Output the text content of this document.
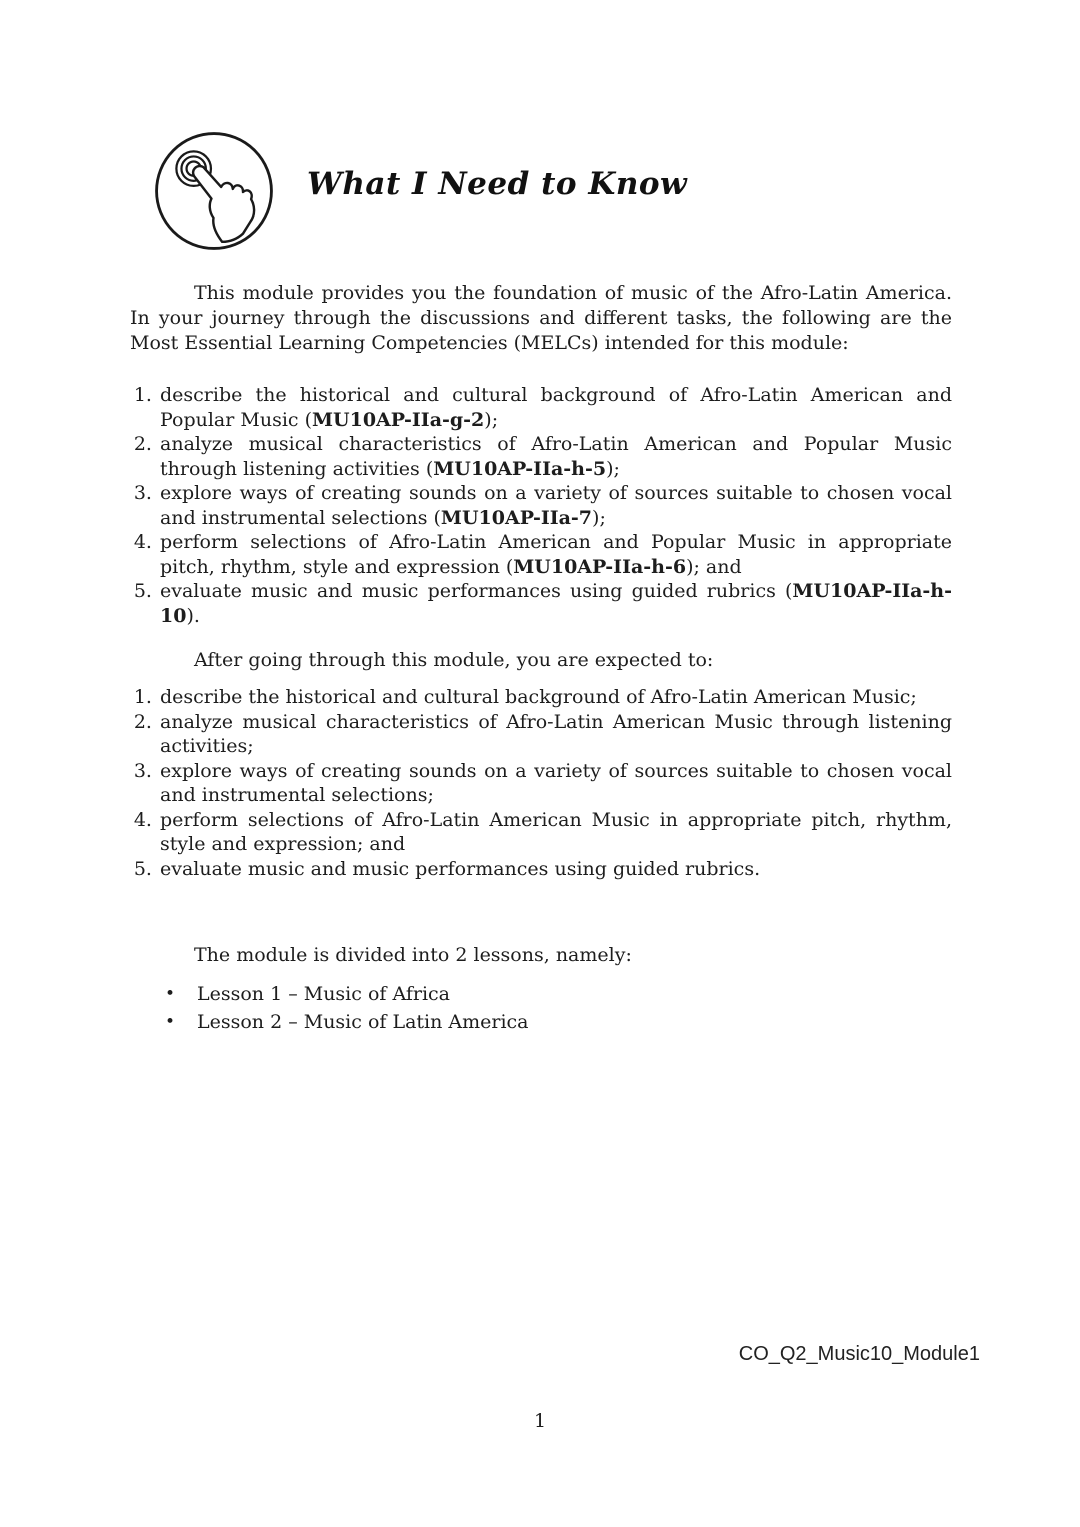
What I Need to Know

This module provides you the foundation of music of the Afro-Latin America. In your journey through the discussions and different tasks, the following are the Most Essential Learning Competencies (MELCs) intended for this module:

1. describe the historical and cultural background of Afro-Latin American and Popular Music (MU10AP-IIa-g-2);
2. analyze musical characteristics of Afro-Latin American and Popular Music through listening activities (MU10AP-IIa-h-5);
3. explore ways of creating sounds on a variety of sources suitable to chosen vocal and instrumental selections (MU10AP-IIa-7);
4. perform selections of Afro-Latin American and Popular Music in appropriate pitch, rhythm, style and expression (MU10AP-IIa-h-6); and
5. evaluate music and music performances using guided rubrics (MU10AP-IIa-h-10).

After going through this module, you are expected to:

1. describe the historical and cultural background of Afro-Latin American Music;
2. analyze musical characteristics of Afro-Latin American Music through listening activities;
3. explore ways of creating sounds on a variety of sources suitable to chosen vocal and instrumental selections;
4. perform selections of Afro-Latin American Music in appropriate pitch, rhythm, style and expression; and
5. evaluate music and music performances using guided rubrics.

The module is divided into 2 lessons, namely:

• Lesson 1 – Music of Africa
• Lesson 2 – Music of Latin America
CO_Q2_Music10_Module1
1
